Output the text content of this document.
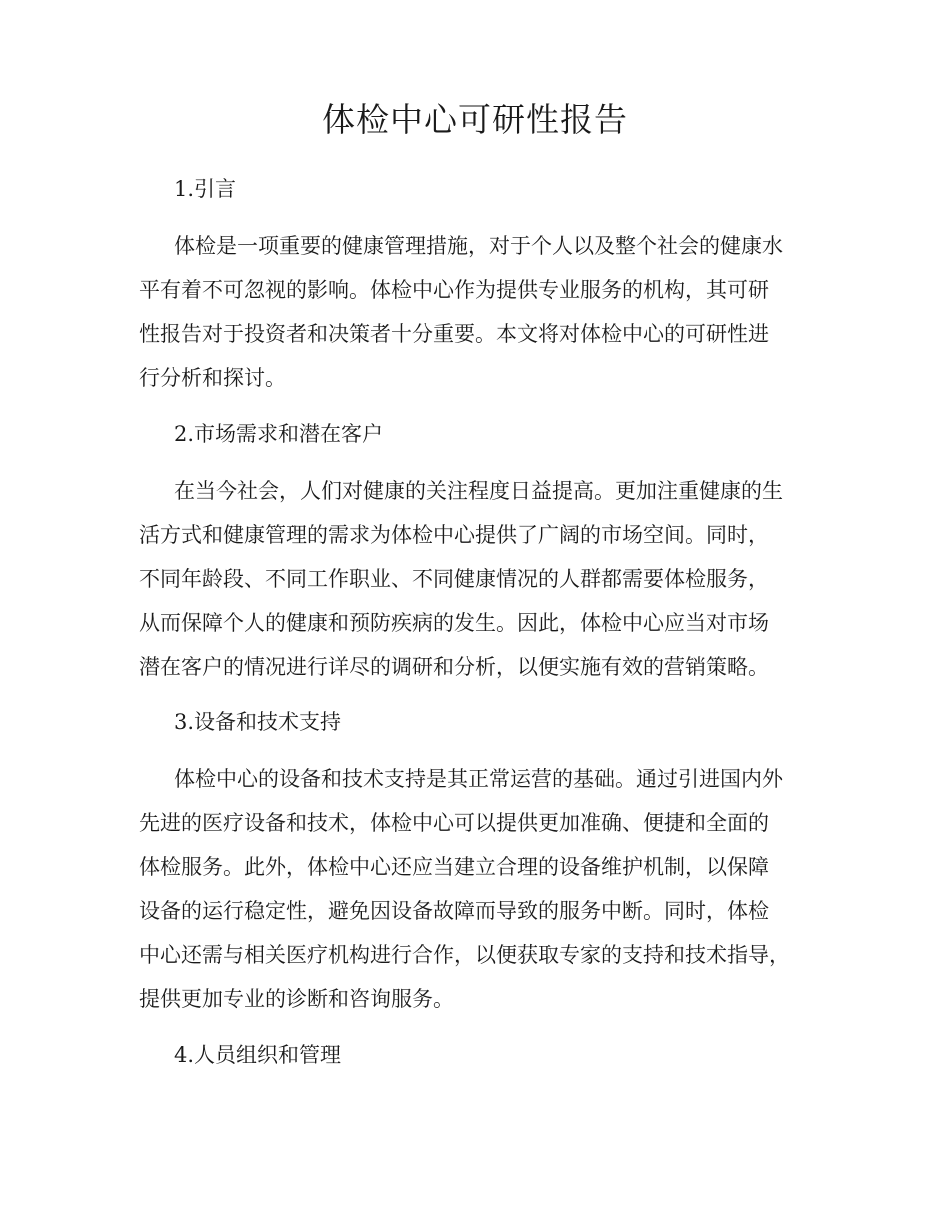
体检中心可研性报告

1.引言

体检是一项重要的健康管理措施，对于个人以及整个社会的健康水

平有着不可忽视的影响。体检中心作为提供专业服务的机构，其可研

性报告对于投资者和决策者十分重要。本文将对体检中心的可研性进

行分析和探讨。

2.市场需求和潜在客户

在当今社会，人们对健康的关注程度日益提高。更加注重健康的生

活方式和健康管理的需求为体检中心提供了广阔的市场空间。同时，

不同年龄段、不同工作职业、不同健康情况的人群都需要体检服务，

从而保障个人的健康和预防疾病的发生。因此，体检中心应当对市场

潜在客户的情况进行详尽的调研和分析，以便实施有效的营销策略。

3.设备和技术支持

体检中心的设备和技术支持是其正常运营的基础。通过引进国内外

先进的医疗设备和技术，体检中心可以提供更加准确、便捷和全面的

体检服务。此外，体检中心还应当建立合理的设备维护机制，以保障

设备的运行稳定性，避免因设备故障而导致的服务中断。同时，体检

中心还需与相关医疗机构进行合作，以便获取专家的支持和技术指导，

提供更加专业的诊断和咨询服务。

4.人员组织和管理
